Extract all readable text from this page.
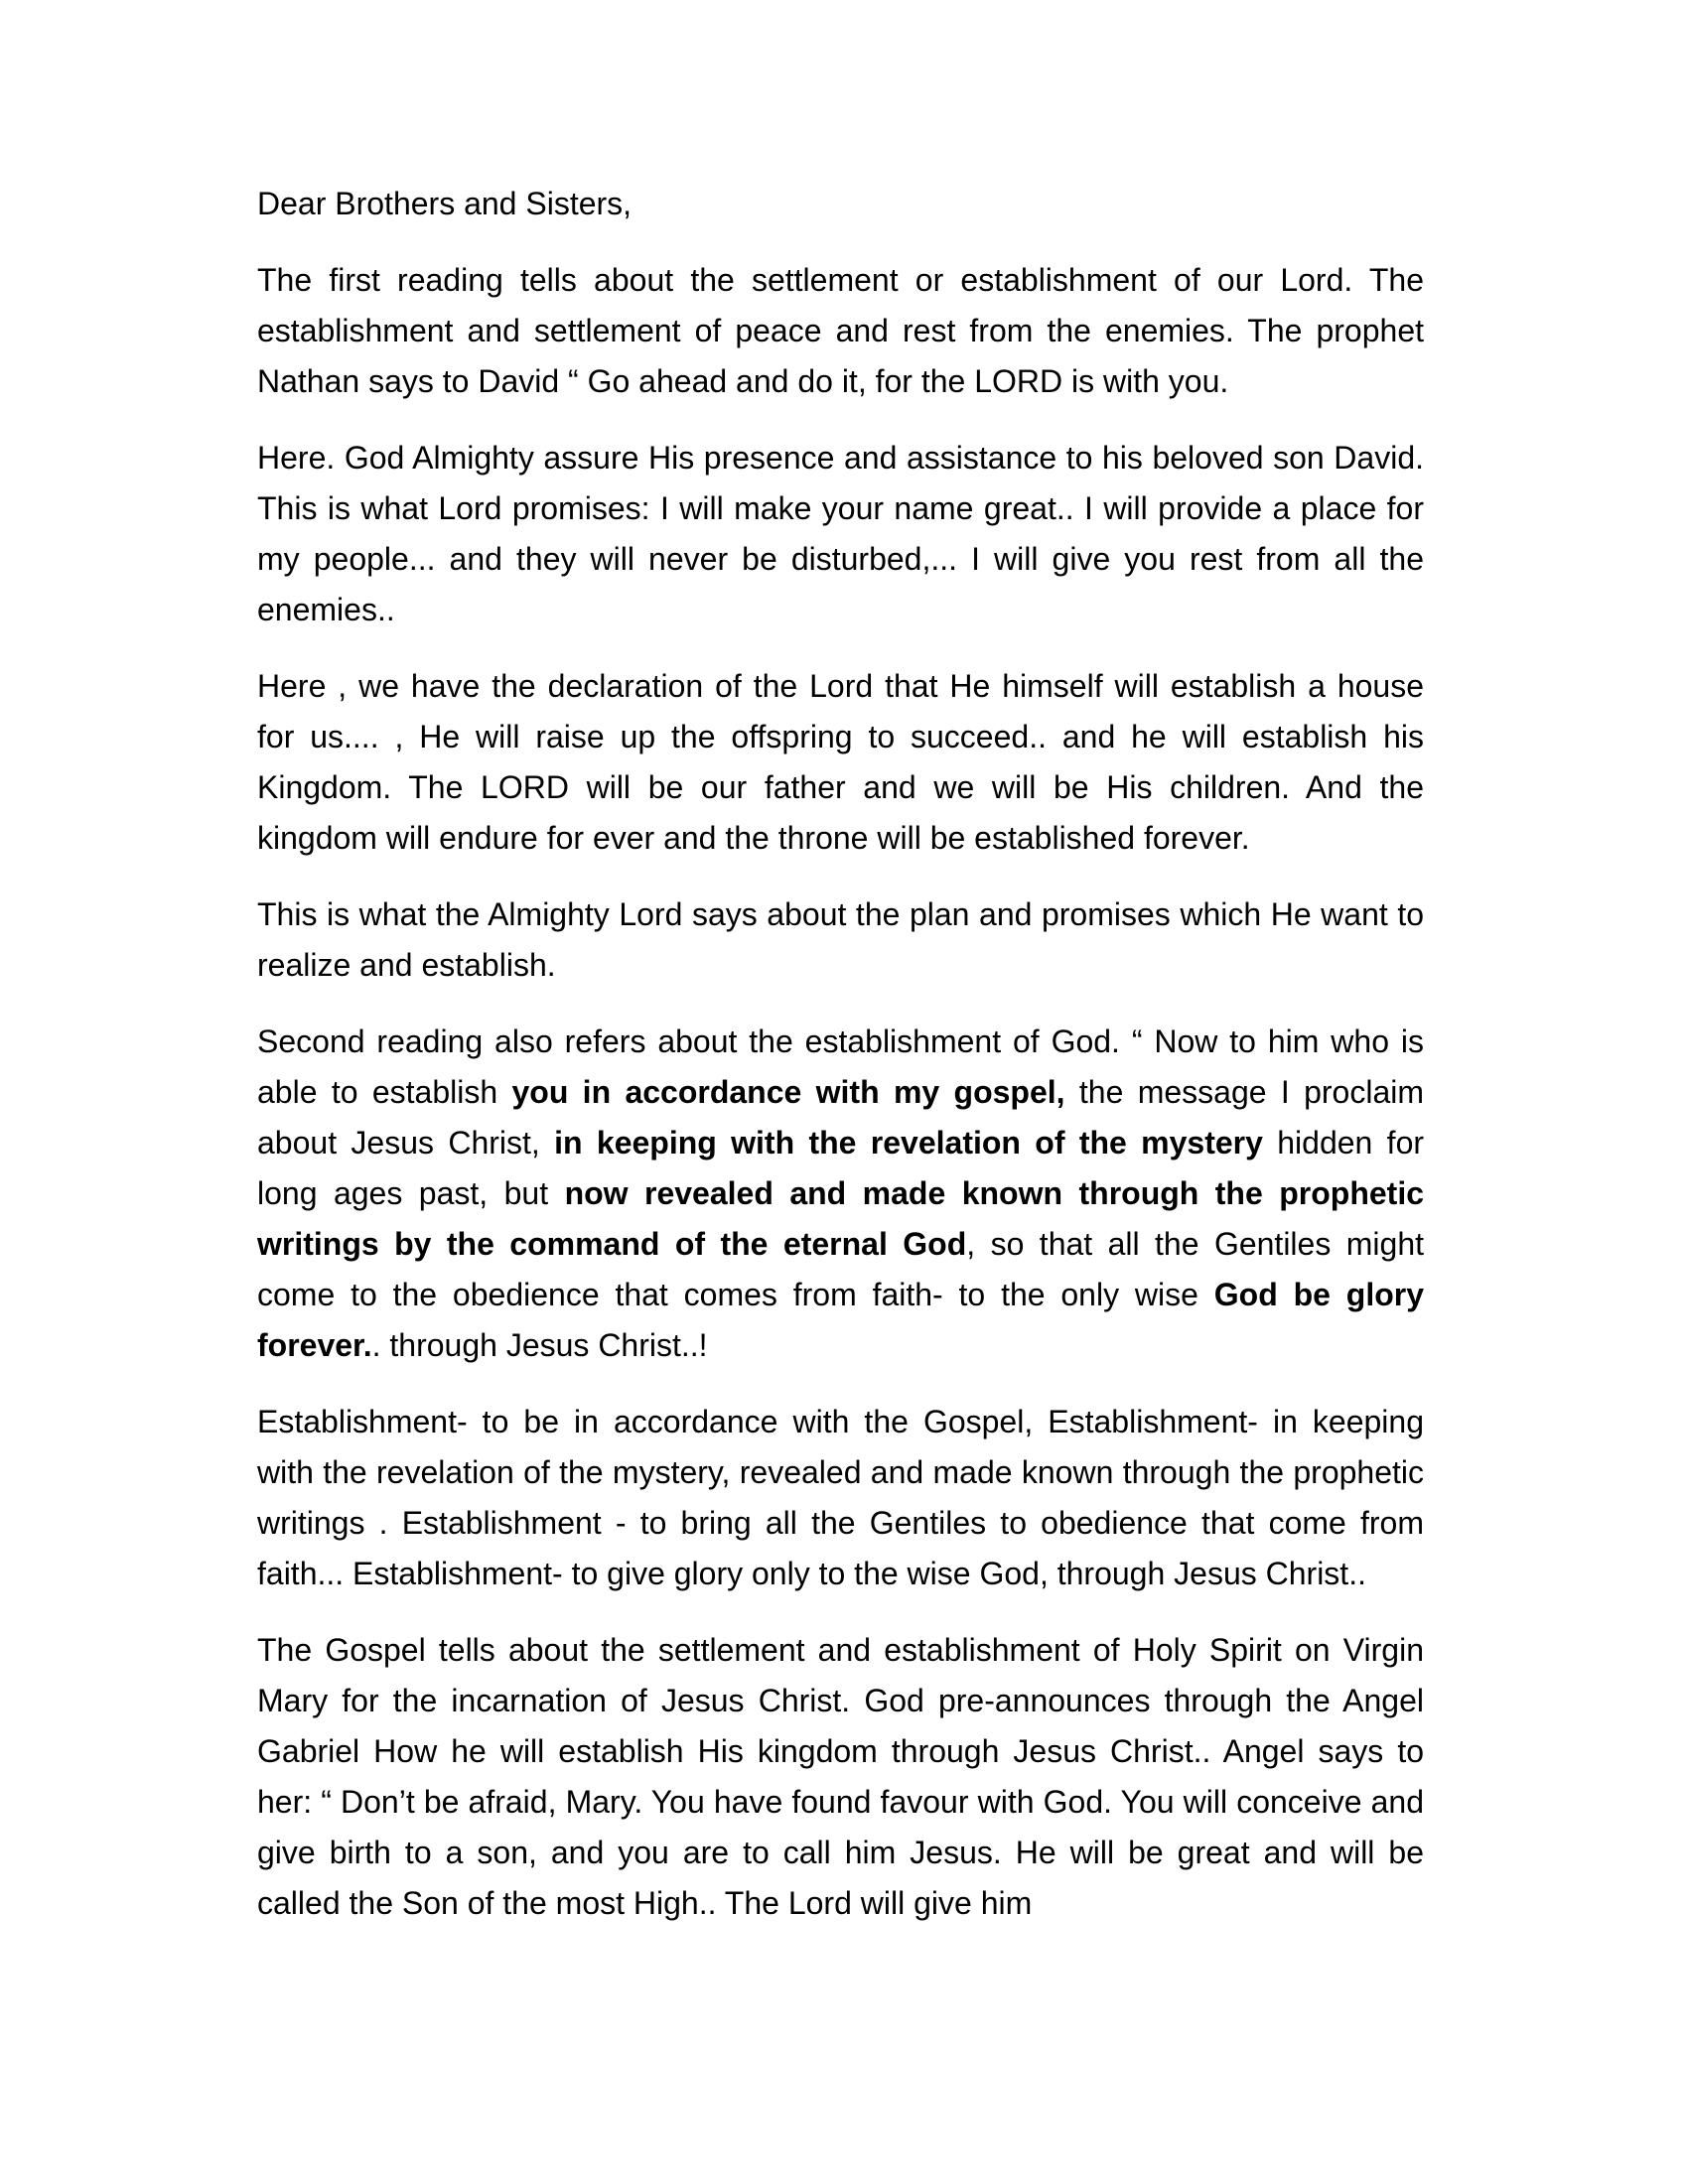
Dear Brothers and Sisters,

The first reading tells about the settlement or establishment of our Lord. The establishment and settlement of peace and rest from the enemies. The prophet Nathan says to David “ Go ahead and do it, for the LORD is with you.

Here. God Almighty assure His presence and assistance to his beloved son David. This is what Lord promises: I will make your name great.. I will provide a place for my people... and they will never be disturbed,... I will give you rest from all the enemies..

Here , we have the declaration of the Lord that He himself will establish a house for us.... , He will raise up the offspring to succeed.. and he will establish his Kingdom. The LORD will be our father and we will be His children. And the kingdom will endure for ever and the throne will be established forever.

This is what the Almighty Lord says about the plan and promises which He want to realize and establish.

Second reading also refers about the establishment of God. “ Now to him who is able to establish you in accordance with my gospel, the message I proclaim about Jesus Christ, in keeping with the revelation of the mystery hidden for long ages past, but now revealed and made known through the prophetic writings by the command of the eternal God, so that all the Gentiles might come to the obedience that comes from faith- to the only wise God be glory forever.. through Jesus Christ..!

Establishment- to be in accordance with the Gospel, Establishment- in keeping with the revelation of the mystery, revealed and made known through the prophetic writings . Establishment - to bring all the Gentiles to obedience that come from faith... Establishment- to give glory only to the wise God, through Jesus Christ..

The Gospel tells about the settlement and establishment of Holy Spirit on Virgin Mary for the incarnation of Jesus Christ. God pre-announces through the Angel Gabriel How he will establish His kingdom through Jesus Christ.. Angel says to her: “ Don’t be afraid, Mary. You have found favour with God. You will conceive and give birth to a son, and you are to call him Jesus. He will be great and will be called the Son of the most High.. The Lord will give him
